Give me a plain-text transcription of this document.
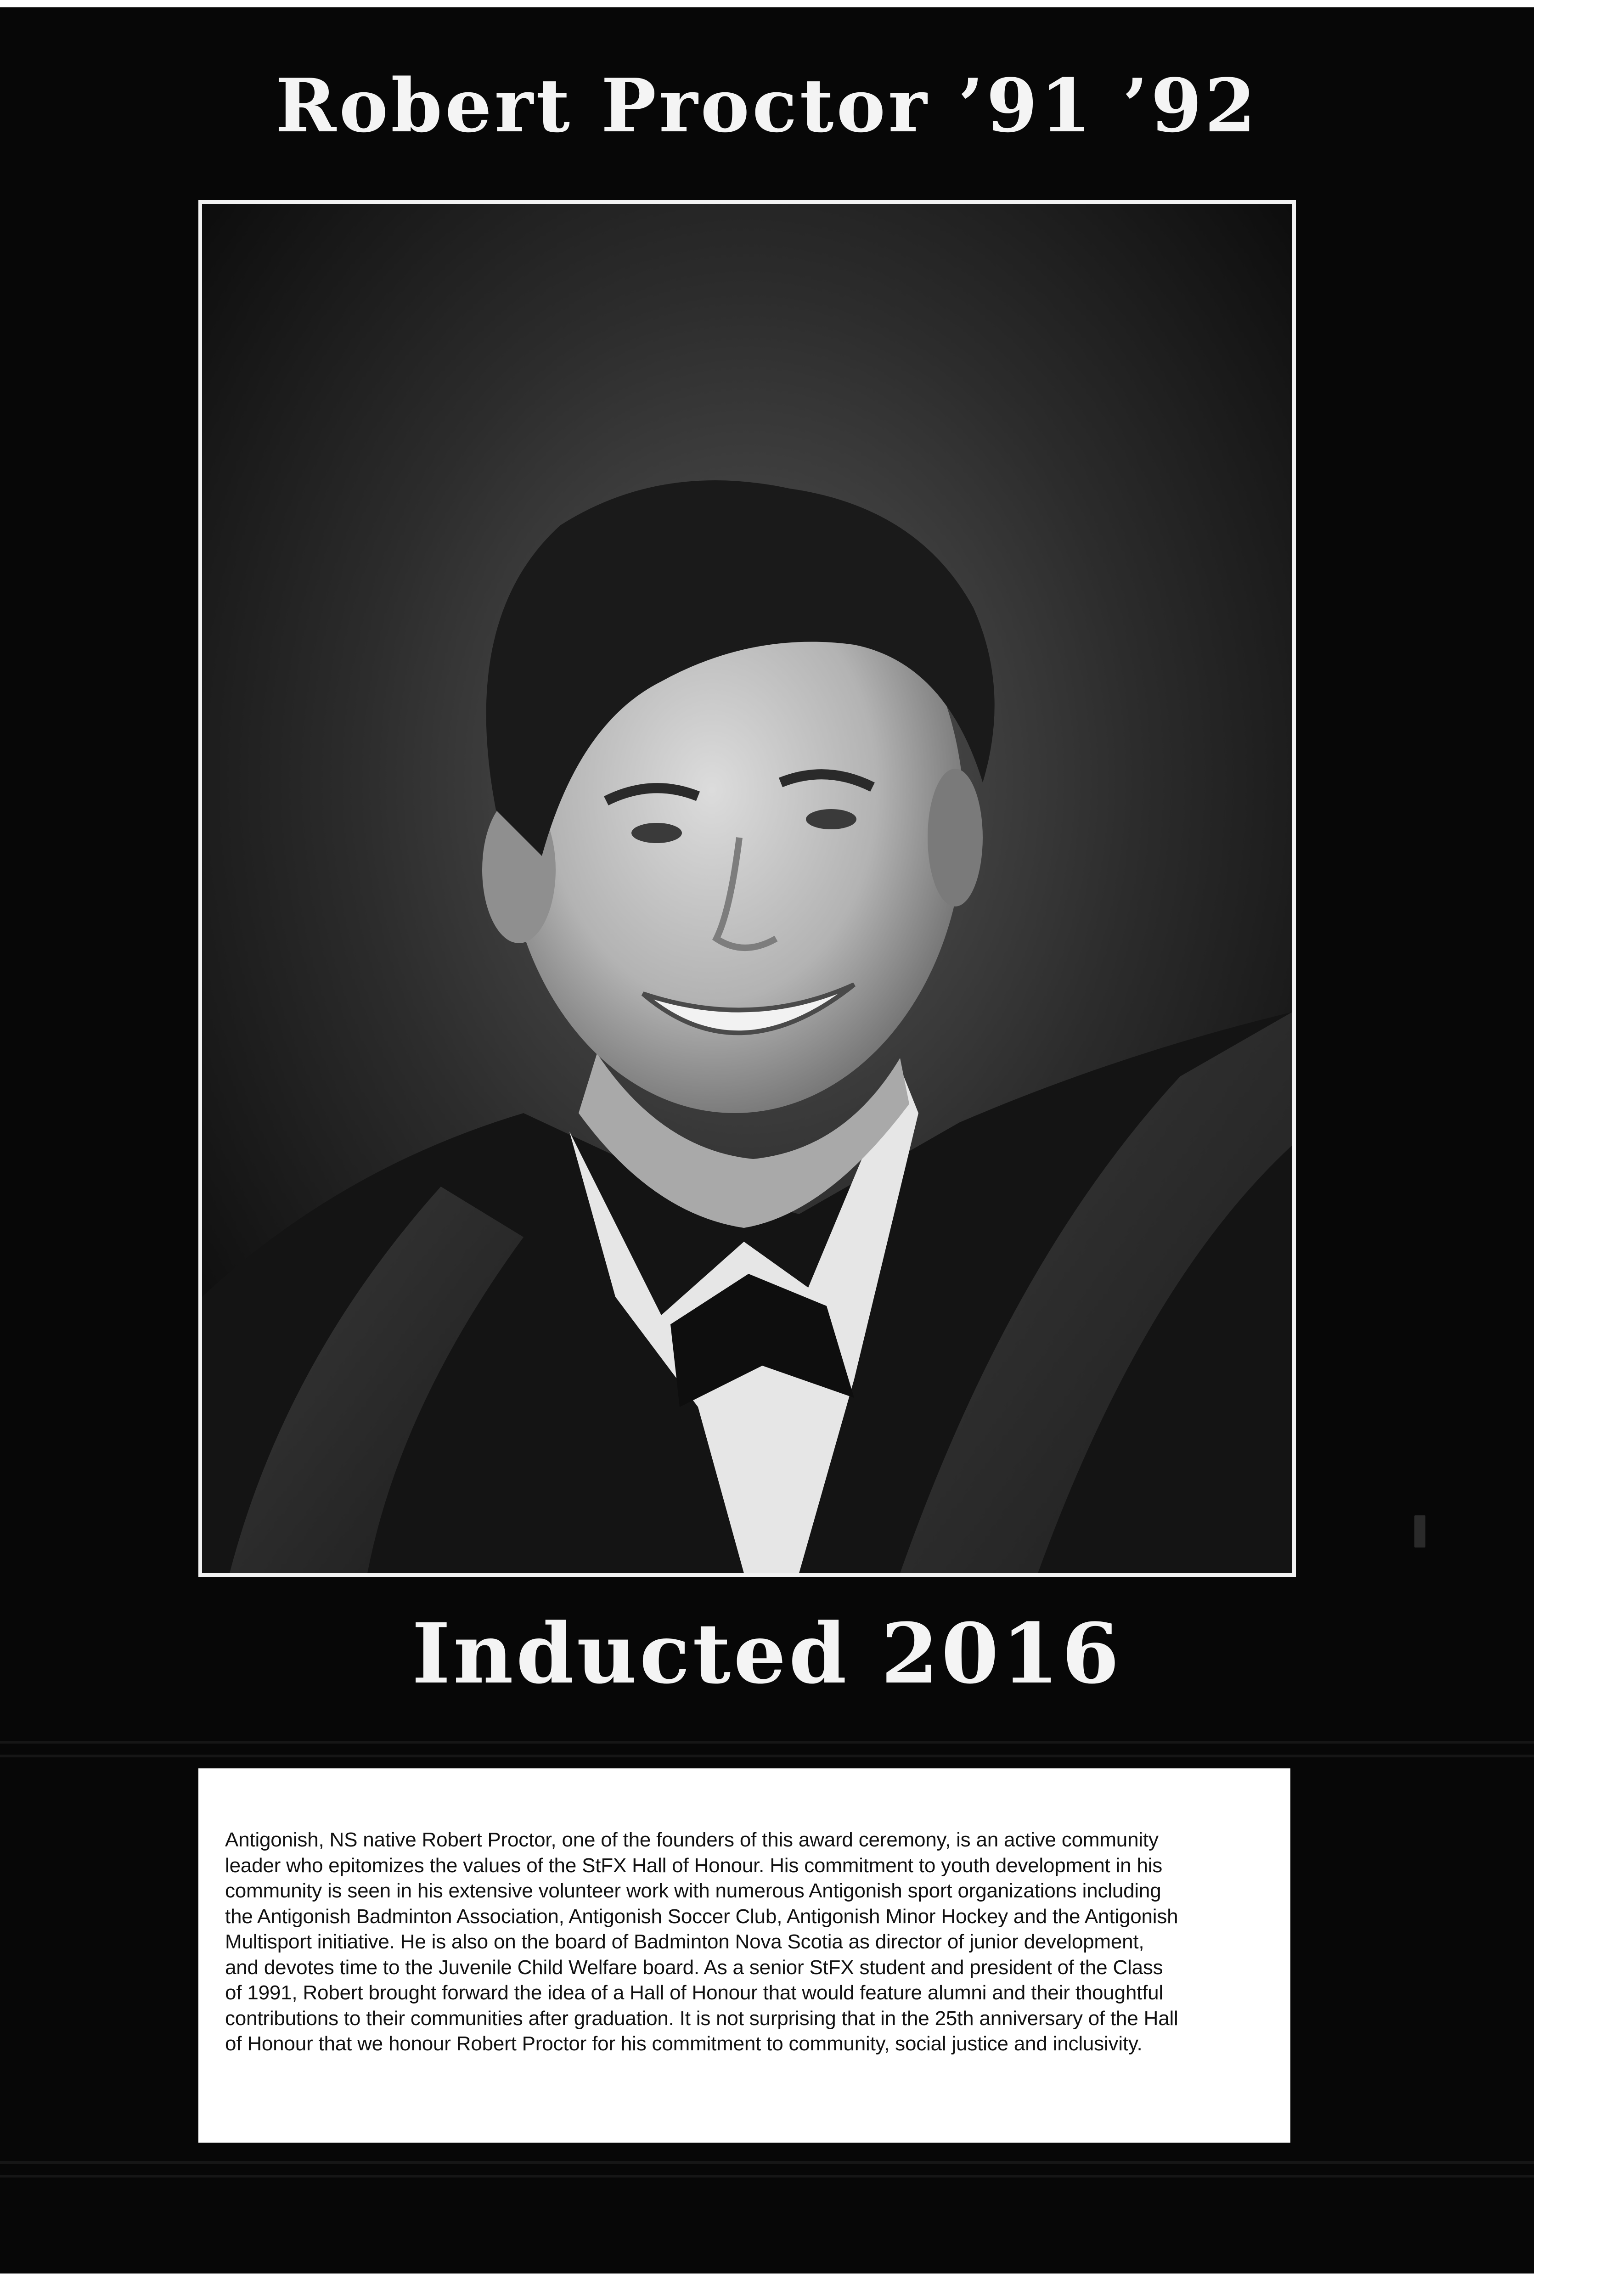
Robert Proctor ’91 ’92
Inducted 2016

Antigonish, NS native Robert Proctor, one of the founders of this award ceremony, is an active community
leader who epitomizes the values of the StFX Hall of Honour. His commitment to youth development in his
community is seen in his extensive volunteer work with numerous Antigonish sport organizations including
the Antigonish Badminton Association, Antigonish Soccer Club, Antigonish Minor Hockey and the Antigonish
Multisport initiative. He is also on the board of Badminton Nova Scotia as director of junior development,
and devotes time to the Juvenile Child Welfare board. As a senior StFX student and president of the Class
of 1991, Robert brought forward the idea of a Hall of Honour that would feature alumni and their thoughtful
contributions to their communities after graduation. It is not surprising that in the 25th anniversary of the Hall
of Honour that we honour Robert Proctor for his commitment to community, social justice and inclusivity.
